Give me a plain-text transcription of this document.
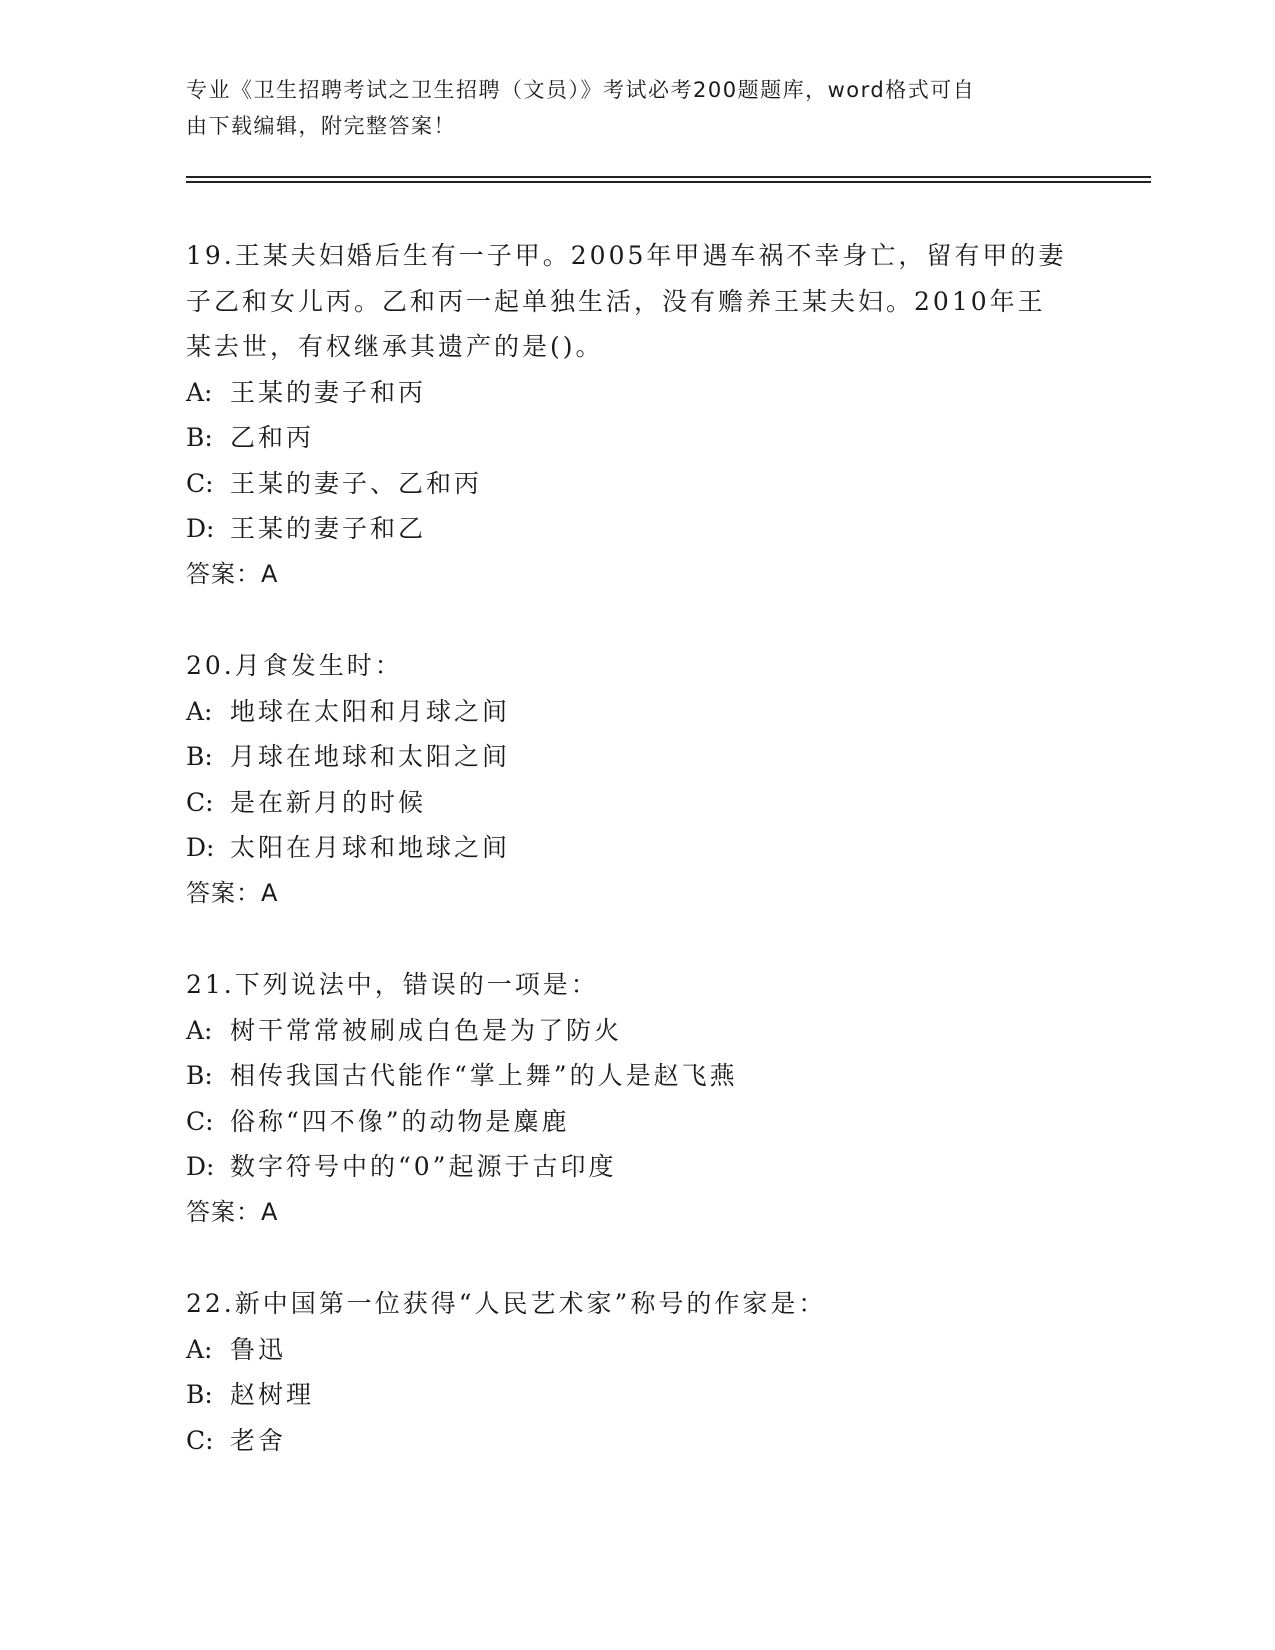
专业《卫生招聘考试之卫生招聘（文员）》考试必考200题题库，word格式可自
由下载编辑，附完整答案！
19.王某夫妇婚后生有一子甲。2005年甲遇车祸不幸身亡，留有甲的妻
子乙和女儿丙。乙和丙一起单独生活，没有赡养王某夫妇。2010年王
某去世，有权继承其遗产的是()。
A: 王某的妻子和丙
B: 乙和丙
C: 王某的妻子、乙和丙
D: 王某的妻子和乙
答案：A
20.月食发生时：
A: 地球在太阳和月球之间
B: 月球在地球和太阳之间
C: 是在新月的时候
D: 太阳在月球和地球之间
答案：A
21.下列说法中，错误的一项是：
A: 树干常常被刷成白色是为了防火
B: 相传我国古代能作“掌上舞”的人是赵飞燕
C: 俗称“四不像”的动物是麋鹿
D: 数字符号中的“0”起源于古印度
答案：A
22.新中国第一位获得“人民艺术家”称号的作家是：
A: 鲁迅
B: 赵树理
C: 老舍
